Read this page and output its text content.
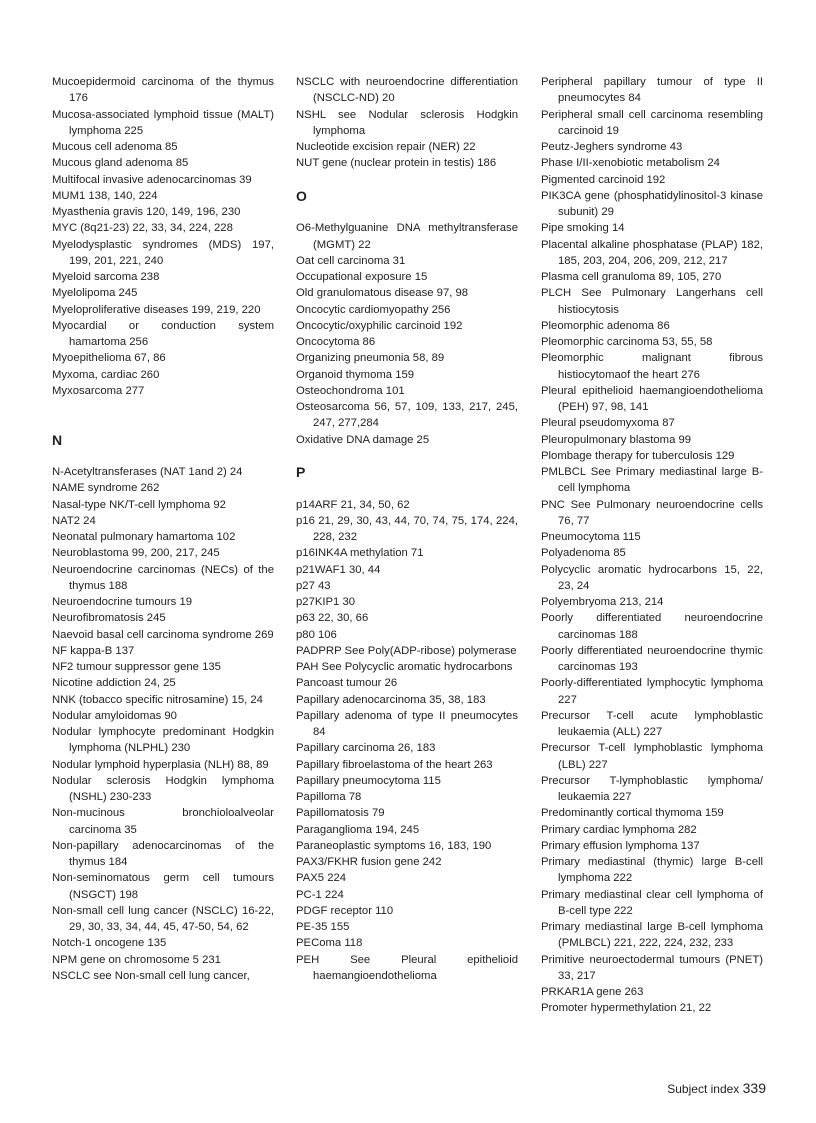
Mucoepidermoid carcinoma of the thymus 176
Mucosa-associated lymphoid tissue (MALT) lymphoma 225
Mucous cell adenoma 85
Mucous gland adenoma 85
Multifocal invasive adenocarcinomas 39
MUM1 138, 140, 224
Myasthenia gravis 120, 149, 196, 230
MYC (8q21-23) 22, 33, 34, 224, 228
Myelodysplastic syndromes (MDS) 197, 199, 201, 221, 240
Myeloid sarcoma 238
Myelolipoma 245
Myeloproliferative diseases 199, 219, 220
Myocardial or conduction system hamartoma 256
Myoepithelioma 67, 86
Myxoma, cardiac 260
Myxosarcoma 277
N
N-Acetyltransferases (NAT 1and 2) 24
NAME syndrome 262
Nasal-type NK/T-cell lymphoma 92
NAT2 24
Neonatal pulmonary hamartoma 102
Neuroblastoma 99, 200, 217, 245
Neuroendocrine carcinomas (NECs) of the thymus 188
Neuroendocrine tumours 19
Neurofibromatosis 245
Naevoid basal cell carcinoma syndrome 269
NF kappa-B 137
NF2 tumour suppressor gene 135
Nicotine addiction 24, 25
NNK (tobacco specific nitrosamine) 15, 24
Nodular amyloidomas 90
Nodular lymphocyte predominant Hodgkin lymphoma (NLPHL) 230
Nodular lymphoid hyperplasia (NLH) 88, 89
Nodular sclerosis Hodgkin lymphoma (NSHL) 230-233
Non-mucinous bronchioloalveolar carcinoma 35
Non-papillary adenocarcinomas of the thymus 184
Non-seminomatous germ cell tumours (NSGCT) 198
Non-small cell lung cancer (NSCLC) 16-22, 29, 30, 33, 34, 44, 45, 47-50, 54, 62
Notch-1 oncogene 135
NPM gene on chromosome 5 231
NSCLC see Non-small cell lung cancer,
NSCLC with neuroendocrine differentiation (NSCLC-ND) 20
NSHL see Nodular sclerosis Hodgkin lymphoma
Nucleotide excision repair (NER) 22
NUT gene (nuclear protein in testis) 186
O
O6-Methylguanine DNA methyltransferase (MGMT) 22
Oat cell carcinoma 31
Occupational exposure 15
Old granulomatous disease 97, 98
Oncocytic cardiomyopathy 256
Oncocytic/oxyphilic carcinoid 192
Oncocytoma 86
Organizing pneumonia 58, 89
Organoid thymoma 159
Osteochondroma 101
Osteosarcoma 56, 57, 109, 133, 217, 245, 247, 277,284
Oxidative DNA damage 25
P
p14ARF 21, 34, 50, 62
p16 21, 29, 30, 43, 44, 70, 74, 75, 174, 224, 228, 232
p16INK4A methylation 71
p21WAF1 30, 44
p27 43
p27KIP1 30
p63 22, 30, 66
p80 106
PADPRP See Poly(ADP-ribose) polymerase
PAH See Polycyclic aromatic hydrocarbons
Pancoast tumour 26
Papillary adenocarcinoma 35, 38, 183
Papillary adenoma of type II pneumocytes 84
Papillary carcinoma 26, 183
Papillary fibroelastoma of the heart 263
Papillary pneumocytoma 115
Papilloma 78
Papillomatosis 79
Paraganglioma 194, 245
Paraneoplastic symptoms 16, 183, 190
PAX3/FKHR fusion gene 242
PAX5 224
PC-1 224
PDGF receptor 110
PE-35 155
PEComa 118
PEH See Pleural epithelioid haemangioendothelioma
Peripheral papillary tumour of type II pneumocytes 84
Peripheral small cell carcinoma resembling carcinoid 19
Peutz-Jeghers syndrome 43
Phase I/II-xenobiotic metabolism 24
Pigmented carcinoid 192
PIK3CA gene (phosphatidylinositol-3 kinase subunit) 29
Pipe smoking 14
Placental alkaline phosphatase (PLAP) 182, 185, 203, 204, 206, 209, 212, 217
Plasma cell granuloma 89, 105, 270
PLCH See Pulmonary Langerhans cell histiocytosis
Pleomorphic adenoma 86
Pleomorphic carcinoma 53, 55, 58
Pleomorphic malignant fibrous histiocytomaof the heart 276
Pleural epithelioid haemangioendothelioma (PEH) 97, 98, 141
Pleural pseudomyxoma 87
Pleuropulmonary blastoma 99
Plombage therapy for tuberculosis 129
PMLBCL See Primary mediastinal large B-cell lymphoma
PNC See Pulmonary neuroendocrine cells 76, 77
Pneumocytoma 115
Polyadenoma 85
Polycyclic aromatic hydrocarbons 15, 22, 23, 24
Polyembryoma 213, 214
Poorly differentiated neuroendocrine carcinomas 188
Poorly differentiated neuroendocrine thymic carcinomas 193
Poorly-differentiated lymphocytic lymphoma 227
Precursor T-cell acute lymphoblastic leukaemia (ALL) 227
Precursor T-cell lymphoblastic lymphoma (LBL) 227
Precursor T-lymphoblastic lymphoma/ leukaemia 227
Predominantly cortical thymoma 159
Primary cardiac lymphoma 282
Primary effusion lymphoma 137
Primary mediastinal (thymic) large B-cell lymphoma 222
Primary mediastinal clear cell lymphoma of B-cell type 222
Primary mediastinal large B-cell lymphoma (PMLBCL) 221, 222, 224, 232, 233
Primitive neuroectodermal tumours (PNET) 33, 217
PRKAR1A gene 263
Promoter hypermethylation 21, 22
Subject index 339
